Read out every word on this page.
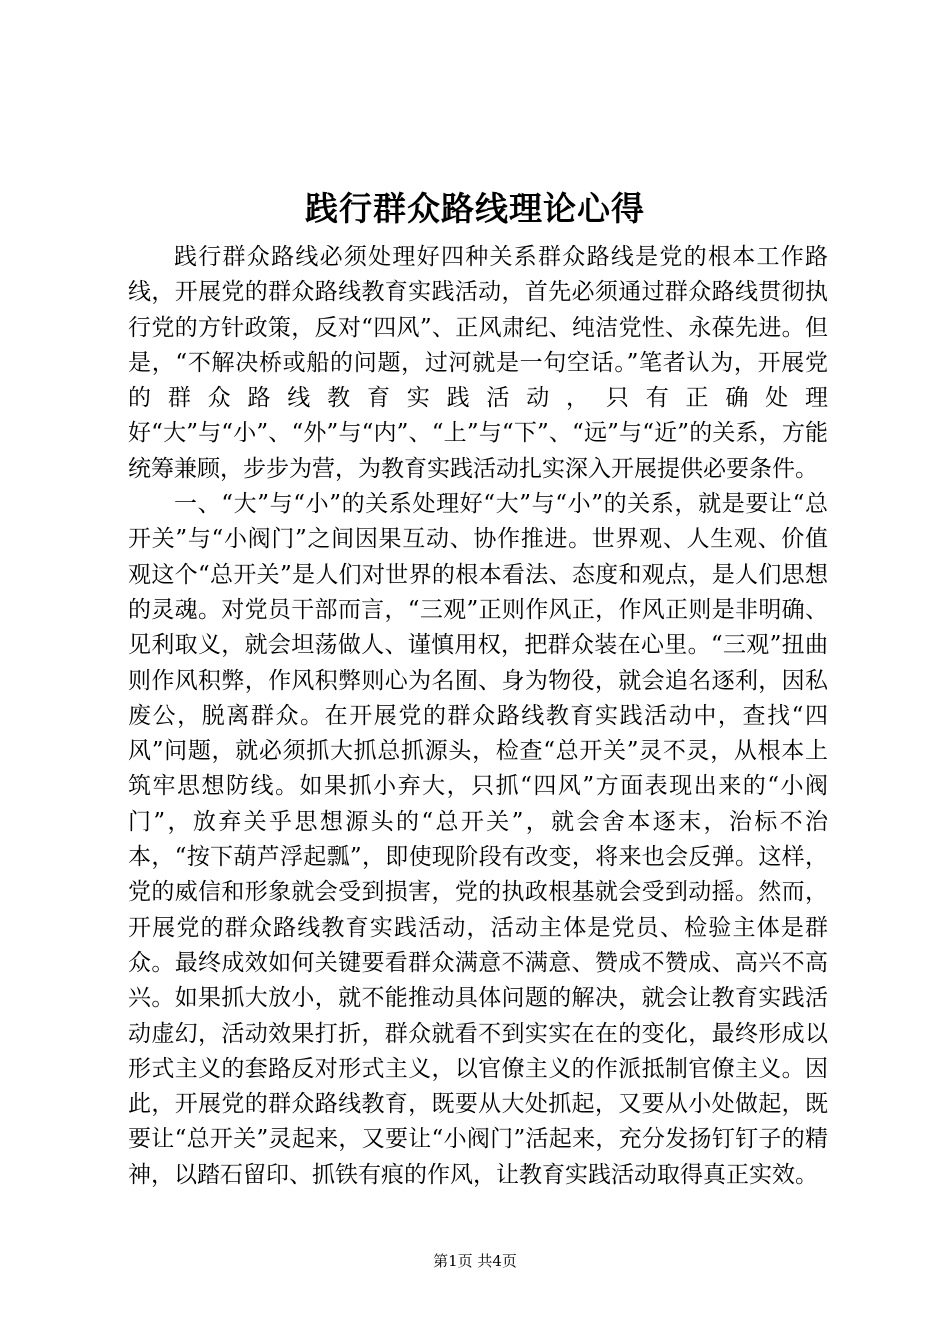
践行群众路线理论心得

践行群众路线必须处理好四种关系群众路线是党的根本工作路线，开展党的群众路线教育实践活动，首先必须通过群众路线贯彻执行党的方针政策，反对“四风”、正风肃纪、纯洁党性、永葆先进。但是，“不解决桥或船的问题，过河就是一句空话。”笔者认为，开展党的群众路线教育实践活动，只有正确处理好“大”与“小”、“外”与“内”、“上”与“下”、“远”与“近”的关系，方能统筹兼顾，步步为营，为教育实践活动扎实深入开展提供必要条件。

一、“大”与“小”的关系处理好“大”与“小”的关系，就是要让“总开关”与“小阀门”之间因果互动、协作推进。世界观、人生观、价值观这个“总开关”是人们对世界的根本看法、态度和观点，是人们思想的灵魂。对党员干部而言，“三观”正则作风正，作风正则是非明确、见利取义，就会坦荡做人、谨慎用权，把群众装在心里。“三观”扭曲则作风积弊，作风积弊则心为名囿、身为物役，就会追名逐利，因私废公，脱离群众。在开展党的群众路线教育实践活动中，查找“四风”问题，就必须抓大抓总抓源头，检查“总开关”灵不灵，从根本上筑牢思想防线。如果抓小弃大，只抓“四风”方面表现出来的“小阀门”，放弃关乎思想源头的“总开关”，就会舍本逐末，治标不治本，“按下葫芦浮起瓢”，即使现阶段有改变，将来也会反弹。这样，党的威信和形象就会受到损害，党的执政根基就会受到动摇。然而，开展党的群众路线教育实践活动，活动主体是党员、检验主体是群众。最终成效如何关键要看群众满意不满意、赞成不赞成、高兴不高兴。如果抓大放小，就不能推动具体问题的解决，就会让教育实践活动虚幻，活动效果打折，群众就看不到实实在在的变化，最终形成以形式主义的套路反对形式主义，以官僚主义的作派抵制官僚主义。因此，开展党的群众路线教育，既要从大处抓起，又要从小处做起，既要让“总开关”灵起来，又要让“小阀门”活起来，充分发扬钉钉子的精神，以踏石留印、抓铁有痕的作风，让教育实践活动取得真正实效。

第1页 共4页
